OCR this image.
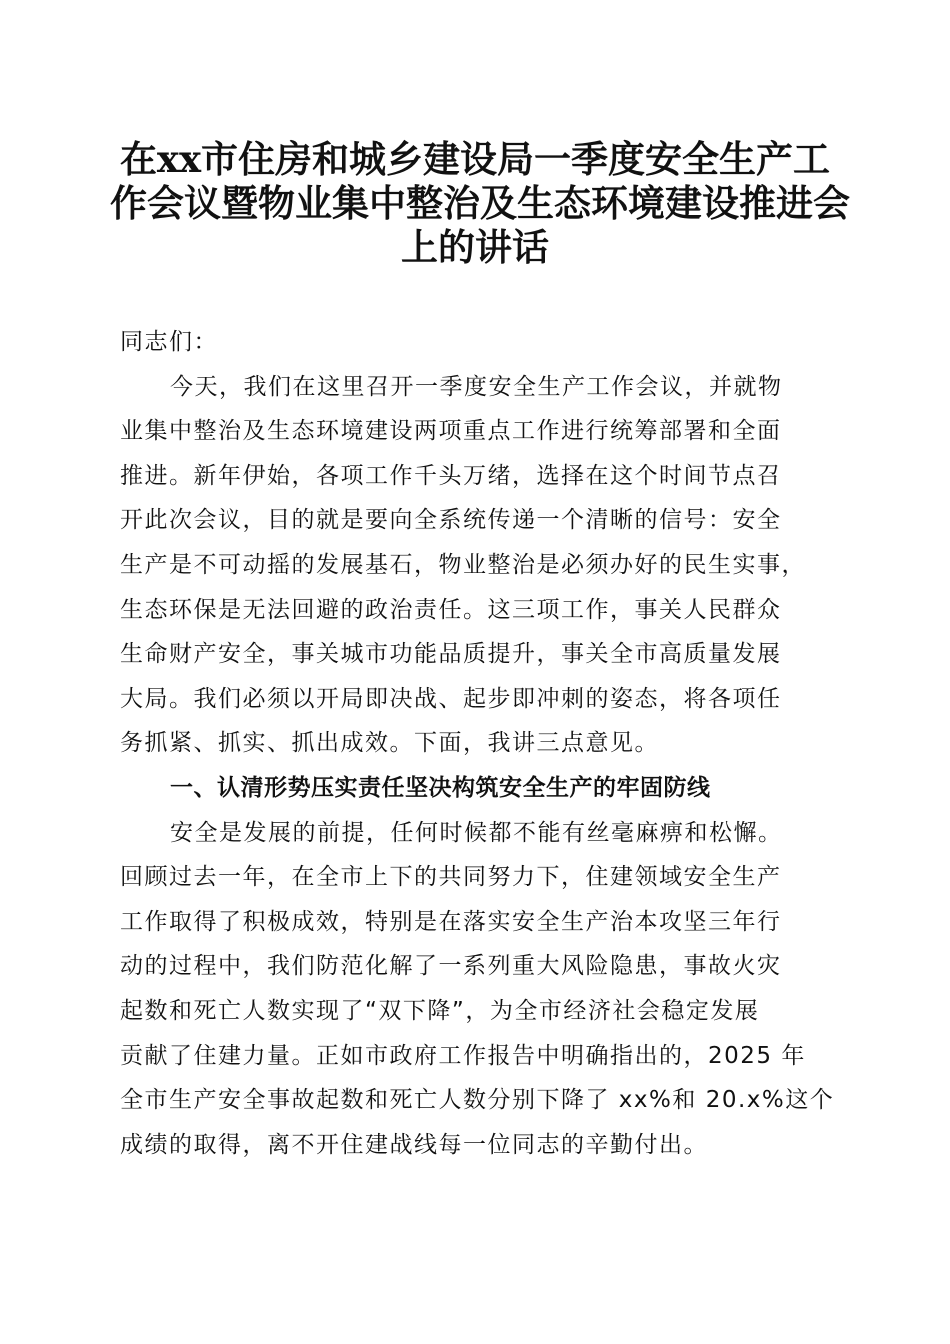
在xx市住房和城乡建设局一季度安全生产工
作会议暨物业集中整治及生态环境建设推进会
上的讲话
同志们：
今天，我们在这里召开一季度安全生产工作会议，并就物
业集中整治及生态环境建设两项重点工作进行统筹部署和全面
推进。新年伊始，各项工作千头万绪，选择在这个时间节点召
开此次会议，目的就是要向全系统传递一个清晰的信号：安全
生产是不可动摇的发展基石，物业整治是必须办好的民生实事，
生态环保是无法回避的政治责任。这三项工作，事关人民群众
生命财产安全，事关城市功能品质提升，事关全市高质量发展
大局。我们必须以开局即决战、起步即冲刺的姿态，将各项任
务抓紧、抓实、抓出成效。下面，我讲三点意见。
一、认清形势压实责任坚决构筑安全生产的牢固防线
安全是发展的前提，任何时候都不能有丝毫麻痹和松懈。
回顾过去一年，在全市上下的共同努力下，住建领域安全生产
工作取得了积极成效，特别是在落实安全生产治本攻坚三年行
动的过程中，我们防范化解了一系列重大风险隐患，事故火灾
起数和死亡人数实现了“双下降”，为全市经济社会稳定发展
贡献了住建力量。正如市政府工作报告中明确指出的，2025 年
全市生产安全事故起数和死亡人数分别下降了 xx%和 20.x%这个
成绩的取得，离不开住建战线每一位同志的辛勤付出。
